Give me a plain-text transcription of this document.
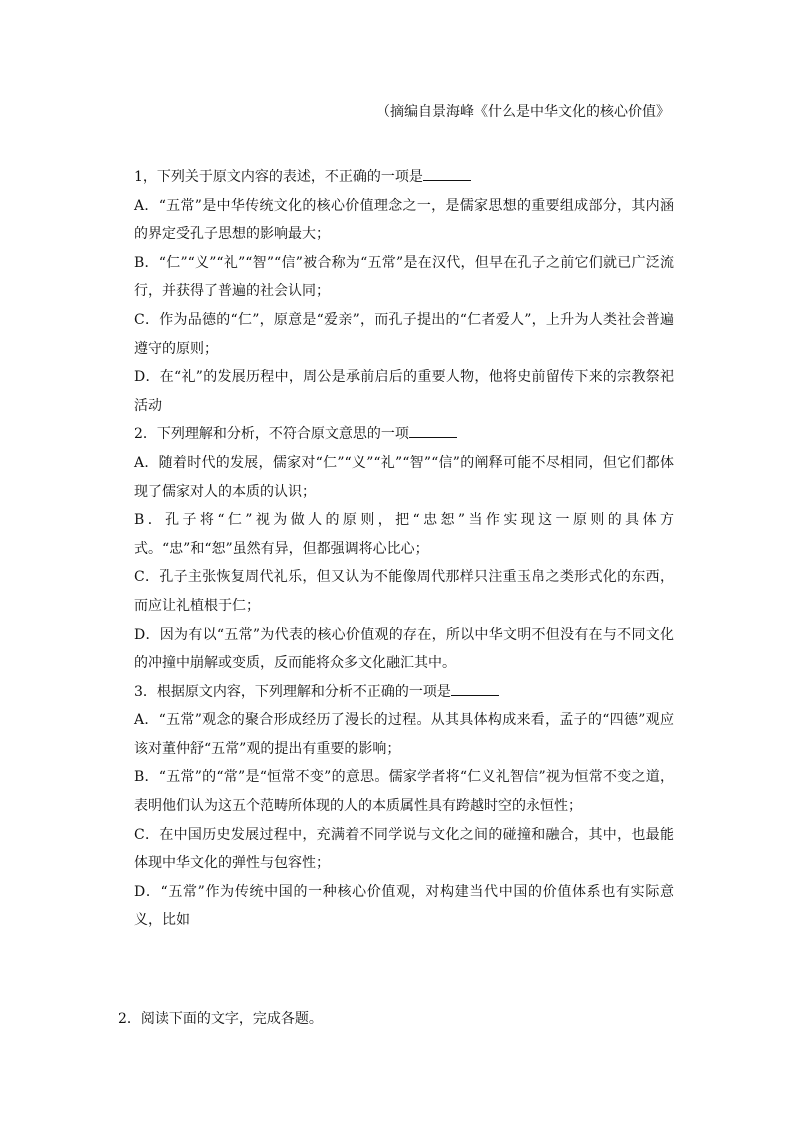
（摘编自景海峰《什么是中华文化的核心价值》

1，下列关于原文内容的表述，不正确的一项是

A．“五常”是中华传统文化的核心价值理念之一，是儒家思想的重要组成部分，其内涵的界定受孔子思想的影响最大；

B．“仁”“义”“礼”“智”“信”被合称为“五常”是在汉代，但早在孔子之前它们就已广泛流行，并获得了普遍的社会认同；

C．作为品德的“仁”，原意是“爱亲”，而孔子提出的“仁者爱人”，上升为人类社会普遍遵守的原则；

D．在“礼”的发展历程中，周公是承前启后的重要人物，他将史前留传下来的宗教祭祀活动

2．下列理解和分析，不符合原文意思的一项

A．随着时代的发展，儒家对“仁”“义”“礼”“智”“信”的阐释可能不尽相同，但它们都体现了儒家对人的本质的认识；

B．孔子将“仁”视为做人的原则，把“忠恕”当作实现这一原则的具体方式。“忠”和“恕”虽然有异，但都强调将心比心；

C．孔子主张恢复周代礼乐，但又认为不能像周代那样只注重玉帛之类形式化的东西，而应让礼植根于仁；

D．因为有以“五常”为代表的核心价值观的存在，所以中华文明不但没有在与不同文化的冲撞中崩解或变质，反而能将众多文化融汇其中。

3．根据原文内容，下列理解和分析不正确的一项是

A．“五常”观念的聚合形成经历了漫长的过程。从其具体构成来看，孟子的“四德”观应该对董仲舒“五常”观的提出有重要的影响；

B．“五常”的“常”是“恒常不变”的意思。儒家学者将“仁义礼智信”视为恒常不变之道，表明他们认为这五个范畴所体现的人的本质属性具有跨越时空的永恒性；

C．在中国历史发展过程中，充满着不同学说与文化之间的碰撞和融合，其中，也最能体现中华文化的弹性与包容性；

D．“五常”作为传统中国的一种核心价值观，对构建当代中国的价值体系也有实际意义，比如

2．阅读下面的文字，完成各题。
